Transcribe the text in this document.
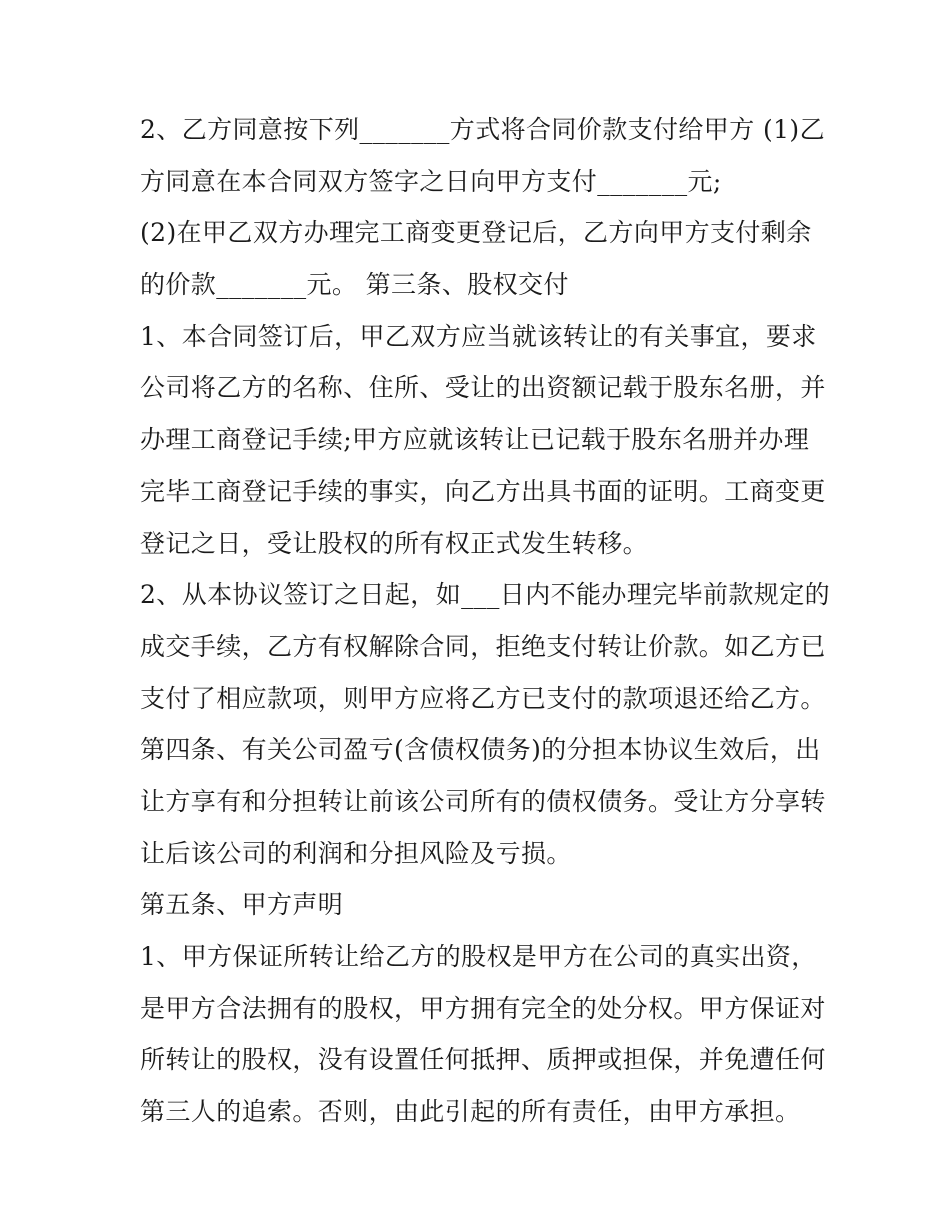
2、乙方同意按下列_______方式将合同价款支付给甲方 (1)乙
方同意在本合同双方签字之日向甲方支付_______元;
(2)在甲乙双方办理完工商变更登记后，乙方向甲方支付剩余
的价款_______元。 第三条、股权交付
1、本合同签订后，甲乙双方应当就该转让的有关事宜，要求
公司将乙方的名称、住所、受让的出资额记载于股东名册，并
办理工商登记手续;甲方应就该转让已记载于股东名册并办理
完毕工商登记手续的事实，向乙方出具书面的证明。工商变更
登记之日，受让股权的所有权正式发生转移。
2、从本协议签订之日起，如___日内不能办理完毕前款规定的
成交手续，乙方有权解除合同，拒绝支付转让价款。如乙方已
支付了相应款项，则甲方应将乙方已支付的款项退还给乙方。
第四条、有关公司盈亏(含债权债务)的分担本协议生效后，出
让方享有和分担转让前该公司所有的债权债务。受让方分享转
让后该公司的利润和分担风险及亏损。
第五条、甲方声明
1、甲方保证所转让给乙方的股权是甲方在公司的真实出资，
是甲方合法拥有的股权，甲方拥有完全的处分权。甲方保证对
所转让的股权，没有设置任何抵押、质押或担保，并免遭任何
第三人的追索。否则，由此引起的所有责任，由甲方承担。
